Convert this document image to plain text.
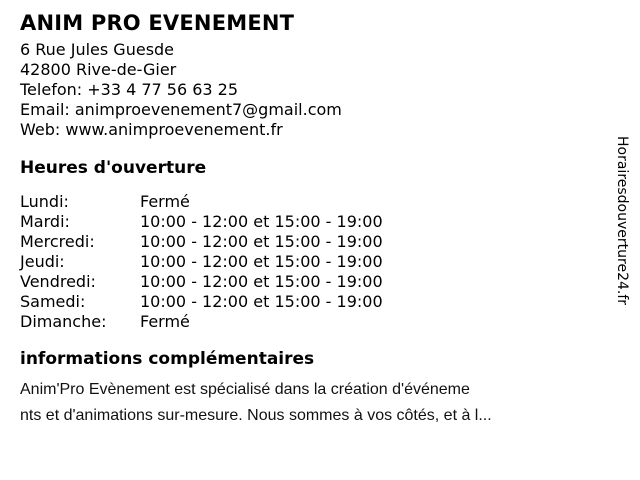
ANIM PRO EVENEMENT
6 Rue Jules Guesde
42800 Rive-de-Gier
Telefon: +33 4 77 56 63 25
Email: animproevenement7@gmail.com
Web: www.animproevenement.fr
Heures d'ouverture
Lundi:	Fermé
Mardi:	10:00 - 12:00 et 15:00 - 19:00
Mercredi:	10:00 - 12:00 et 15:00 - 19:00
Jeudi:	10:00 - 12:00 et 15:00 - 19:00
Vendredi:	10:00 - 12:00 et 15:00 - 19:00
Samedi:	10:00 - 12:00 et 15:00 - 19:00
Dimanche:	Fermé
informations complémentaires

Anim'Pro Evènement est spécialisé dans la création d'événeme
nts et d'animations sur-mesure. Nous sommes à vos côtés, et à l...

Horairesdouverture24.fr
